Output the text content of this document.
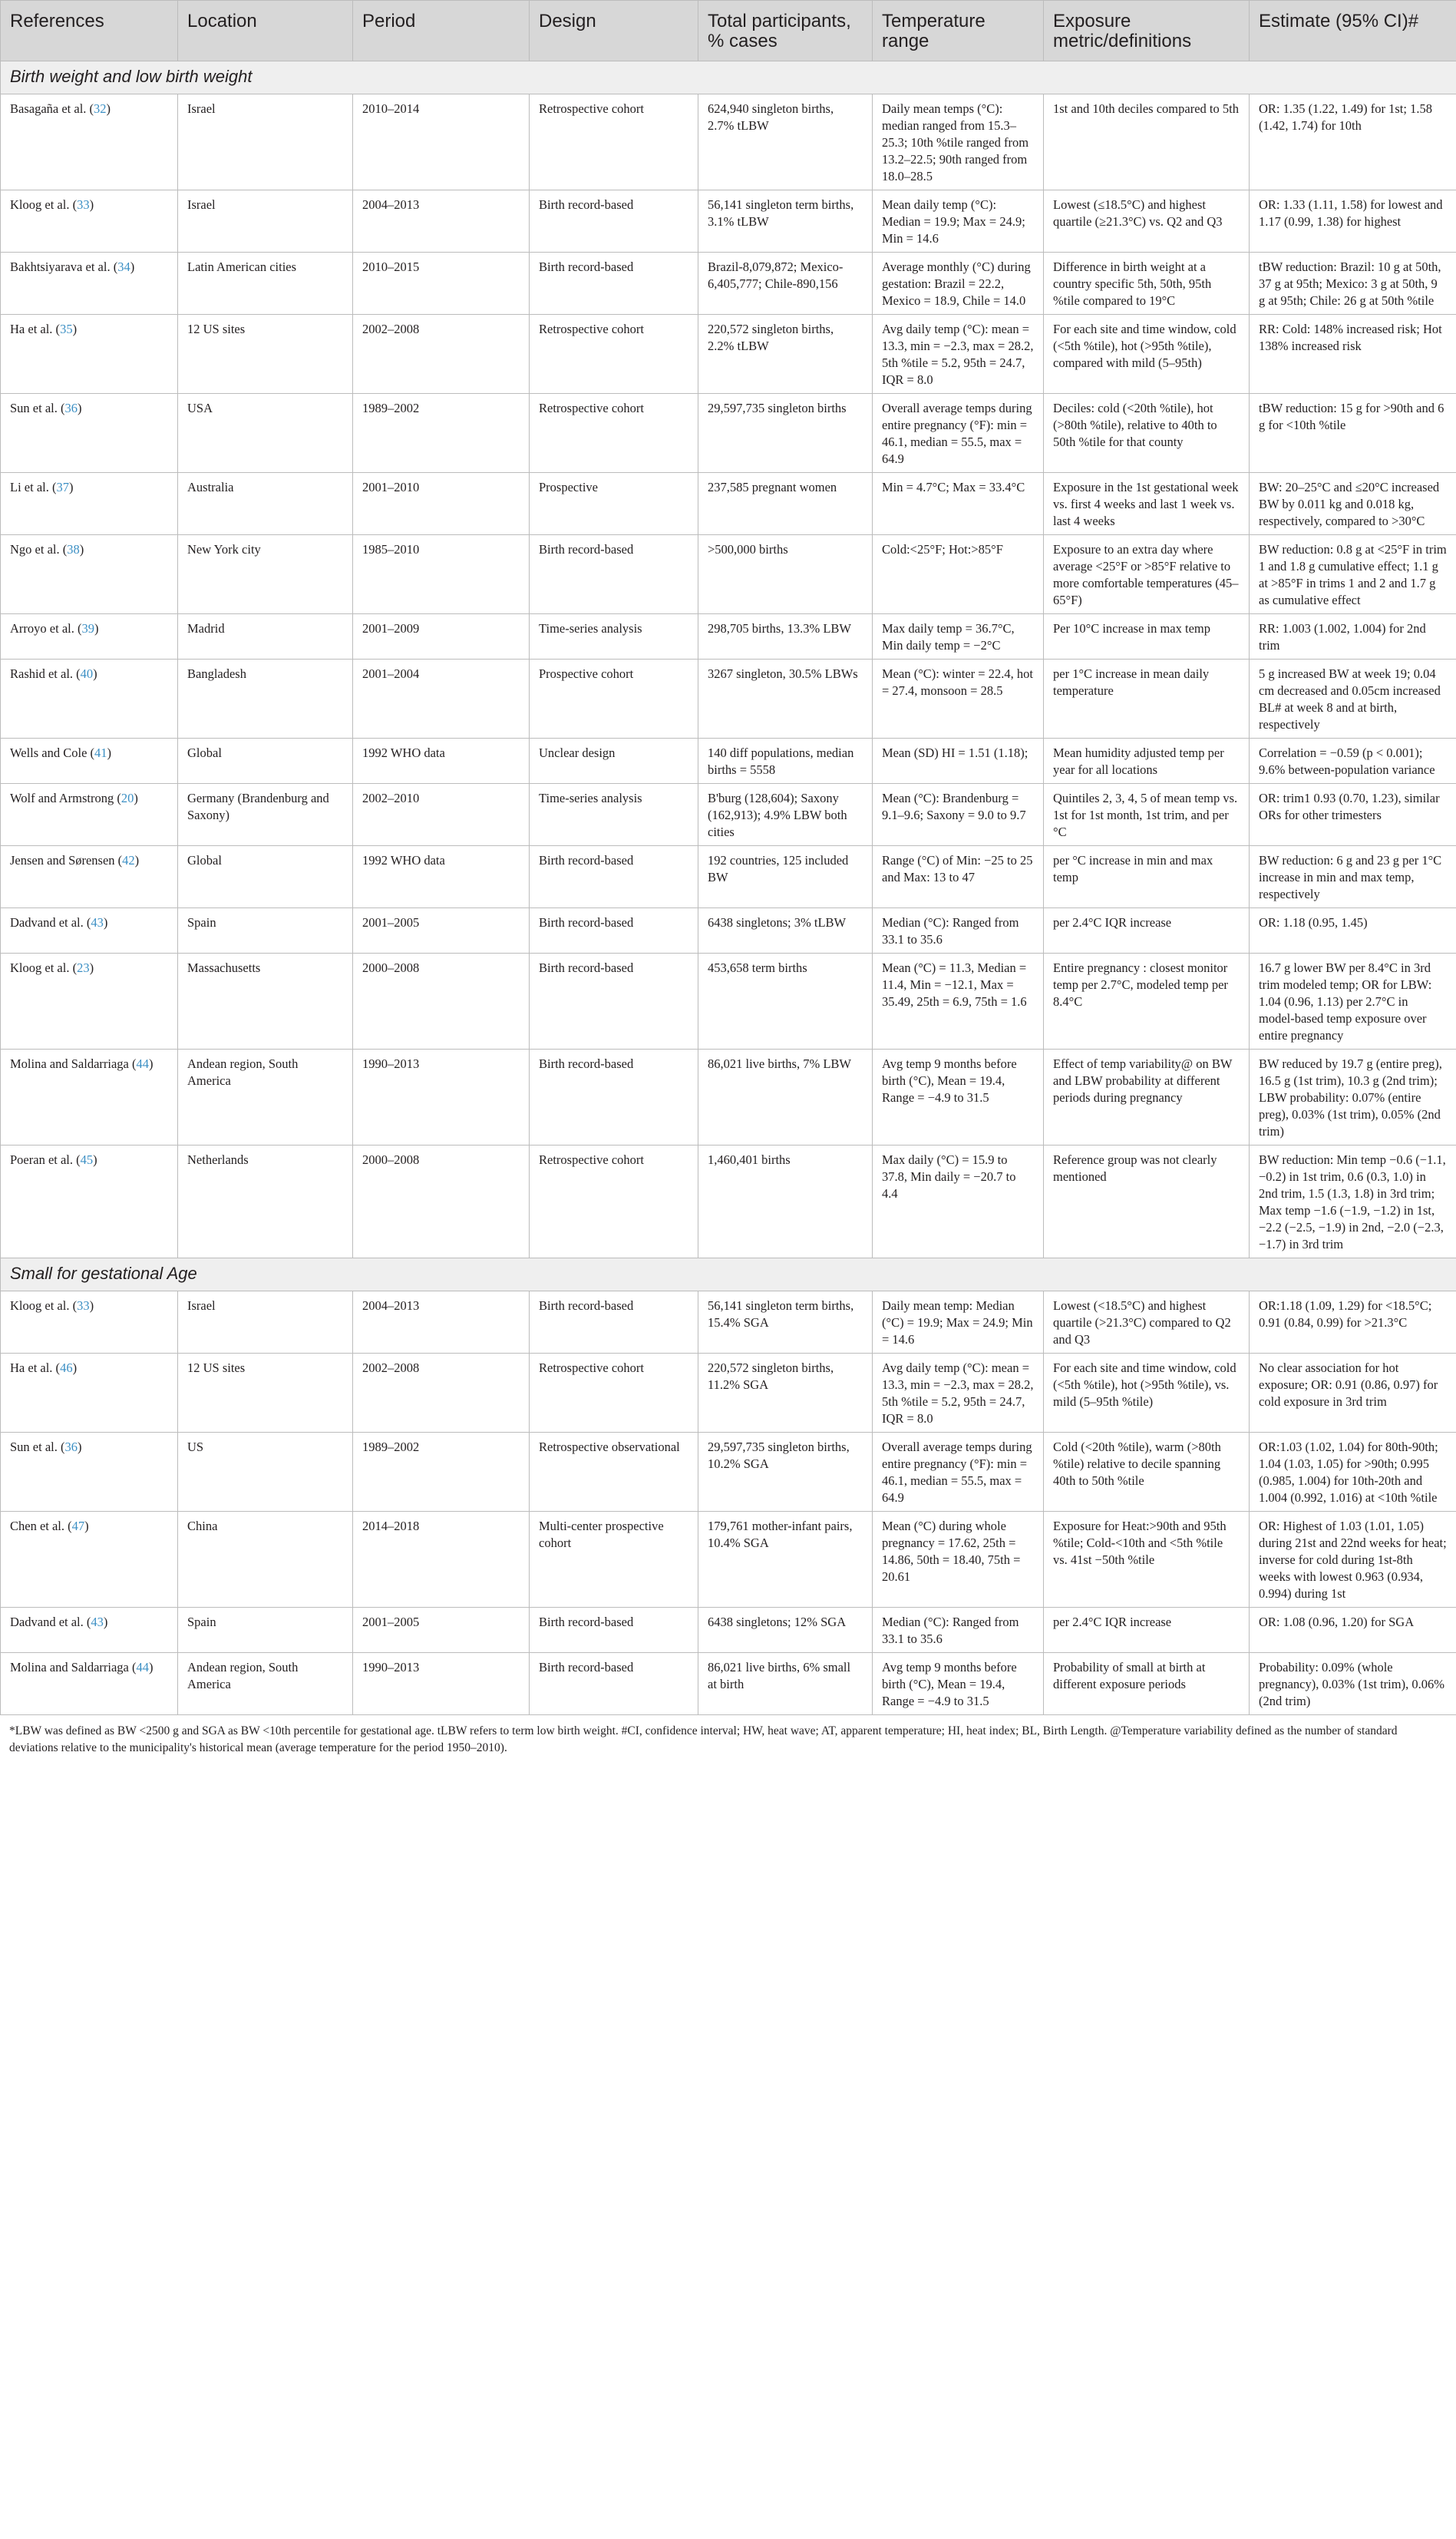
References	Location	Period	Design	Total participants, % cases	Temperature range	Exposure metric/definitions	Estimate (95% CI)#
Birth weight and low birth weight							
Basagaña et al. (32)	Israel	2010–2014	Retrospective cohort	624,940 singleton births, 2.7% tLBW	Daily mean temps (°C): median ranged from 15.3–25.3; 10th %tile ranged from 13.2–22.5; 90th ranged from 18.0–28.5	1st and 10th deciles compared to 5th	OR: 1.35 (1.22, 1.49) for 1st; 1.58 (1.42, 1.74) for 10th
Kloog et al. (33)	Israel	2004–2013	Birth record-based	56,141 singleton term births, 3.1% tLBW	Mean daily temp (°C): Median = 19.9; Max = 24.9; Min = 14.6	Lowest (≤18.5°C) and highest quartile (≥21.3°C) vs. Q2 and Q3	OR: 1.33 (1.11, 1.58) for lowest and 1.17 (0.99, 1.38) for highest
Bakhtsiyarava et al. (34)	Latin American cities	2010–2015	Birth record-based	Brazil-8,079,872; Mexico- 6,405,777; Chile-890,156	Average monthly (°C) during gestation: Brazil = 22.2, Mexico = 18.9, Chile = 14.0	Difference in birth weight at a country specific 5th, 50th, 95th %tile compared to 19°C	tBW reduction: Brazil: 10 g at 50th, 37 g at 95th; Mexico: 3 g at 50th, 9 g at 95th; Chile: 26 g at 50th %tile
Ha et al. (35)	12 US sites	2002–2008	Retrospective cohort	220,572 singleton births, 2.2% tLBW	Avg daily temp (°C): mean = 13.3, min = −2.3, max = 28.2, 5th %tile = 5.2, 95th = 24.7, IQR = 8.0	For each site and time window, cold (<5th %tile), hot (>95th %tile), compared with mild (5–95th)	RR: Cold: 148% increased risk; Hot 138% increased risk
Sun et al. (36)	USA	1989–2002	Retrospective cohort	29,597,735 singleton births	Overall average temps during entire pregnancy (°F): min = 46.1, median = 55.5, max = 64.9	Deciles: cold (<20th %tile), hot (>80th %tile), relative to 40th to 50th %tile for that county	tBW reduction: 15 g for >90th and 6 g for <10th %tile
Li et al. (37)	Australia	2001–2010	Prospective	237,585 pregnant women	Min = 4.7°C; Max = 33.4°C	Exposure in the 1st gestational week vs. first 4 weeks and last 1 week vs. last 4 weeks	BW: 20–25°C and ≤20°C increased BW by 0.011 kg and 0.018 kg, respectively, compared to >30°C
Ngo et al. (38)	New York city	1985–2010	Birth record-based	>500,000 births	Cold:<25°F; Hot:>85°F	Exposure to an extra day where average <25°F or >85°F relative to more comfortable temperatures (45–65°F)	BW reduction: 0.8 g at <25°F in trim 1 and 1.8 g cumulative effect; 1.1 g at >85°F in trims 1 and 2 and 1.7 g as cumulative effect
Arroyo et al. (39)	Madrid	2001–2009	Time-series analysis	298,705 births, 13.3% LBW	Max daily temp = 36.7°C, Min daily temp = −2°C	Per 10°C increase in max temp	RR: 1.003 (1.002, 1.004) for 2nd trim
Rashid et al. (40)	Bangladesh	2001–2004	Prospective cohort	3267 singleton, 30.5% LBWs	Mean (°C): winter = 22.4, hot = 27.4, monsoon = 28.5	per 1°C increase in mean daily temperature	5 g increased BW at week 19; 0.04 cm decreased and 0.05cm increased BL# at week 8 and at birth, respectively
Wells and Cole (41)	Global	1992 WHO data	Unclear design	140 diff populations, median births = 5558	Mean (SD) HI = 1.51 (1.18);	Mean humidity adjusted temp per year for all locations	Correlation = −0.59 (p < 0.001); 9.6% between-population variance
Wolf and Armstrong (20)	Germany (Brandenburg and Saxony)	2002–2010	Time-series analysis	B'burg (128,604); Saxony (162,913); 4.9% LBW both cities	Mean (°C): Brandenburg = 9.1–9.6; Saxony = 9.0 to 9.7	Quintiles 2, 3, 4, 5 of mean temp vs. 1st for 1st month, 1st trim, and per °C	OR: trim1 0.93 (0.70, 1.23), similar ORs for other trimesters
Jensen and Sørensen (42)	Global	1992 WHO data	Birth record-based	192 countries, 125 included BW	Range (°C) of Min: −25 to 25 and Max: 13 to 47	per °C increase in min and max temp	BW reduction: 6 g and 23 g per 1°C increase in min and max temp, respectively
Dadvand et al. (43)	Spain	2001–2005	Birth record-based	6438 singletons; 3% tLBW	Median (°C): Ranged from 33.1 to 35.6	per 2.4°C IQR increase	OR: 1.18 (0.95, 1.45)
Kloog et al. (23)	Massachusetts	2000–2008	Birth record-based	453,658 term births	Mean (°C) = 11.3, Median = 11.4, Min = −12.1, Max = 35.49, 25th = 6.9, 75th = 1.6	Entire pregnancy : closest monitor temp per 2.7°C, modeled temp per 8.4°C	16.7 g lower BW per 8.4°C in 3rd trim modeled temp; OR for LBW: 1.04 (0.96, 1.13) per 2.7°C in model-based temp exposure over entire pregnancy
Molina and Saldarriaga (44)	Andean region, South America	1990–2013	Birth record-based	86,021 live births, 7% LBW	Avg temp 9 months before birth (°C), Mean = 19.4, Range = −4.9 to 31.5	Effect of temp variability@ on BW and LBW probability at different periods during pregnancy	BW reduced by 19.7 g (entire preg), 16.5 g (1st trim), 10.3 g (2nd trim); LBW probability: 0.07% (entire preg), 0.03% (1st trim), 0.05% (2nd trim)
Poeran et al. (45)	Netherlands	2000–2008	Retrospective cohort	1,460,401 births	Max daily (°C) = 15.9 to 37.8, Min daily = −20.7 to 4.4	Reference group was not clearly mentioned	BW reduction: Min temp −0.6 (−1.1, −0.2) in 1st trim, 0.6 (0.3, 1.0) in 2nd trim, 1.5 (1.3, 1.8) in 3rd trim; Max temp −1.6 (−1.9, −1.2) in 1st, −2.2 (−2.5, −1.9) in 2nd, −2.0 (−2.3, −1.7) in 3rd trim
Small for gestational Age							
Kloog et al. (33)	Israel	2004–2013	Birth record-based	56,141 singleton term births, 15.4% SGA	Daily mean temp: Median (°C) = 19.9; Max = 24.9; Min = 14.6	Lowest (<18.5°C) and highest quartile (>21.3°C) compared to Q2 and Q3	OR:1.18 (1.09, 1.29) for <18.5°C; 0.91 (0.84, 0.99) for >21.3°C
Ha et al. (46)	12 US sites	2002–2008	Retrospective cohort	220,572 singleton births, 11.2% SGA	Avg daily temp (°C): mean = 13.3, min = −2.3, max = 28.2, 5th %tile = 5.2, 95th = 24.7, IQR = 8.0	For each site and time window, cold (<5th %tile), hot (>95th %tile), vs. mild (5–95th %tile)	No clear association for hot exposure; OR: 0.91 (0.86, 0.97) for cold exposure in 3rd trim
Sun et al. (36)	US	1989–2002	Retrospective observational	29,597,735 singleton births, 10.2% SGA	Overall average temps during entire pregnancy (°F): min = 46.1, median = 55.5, max = 64.9	Cold (<20th %tile), warm (>80th %tile) relative to decile spanning 40th to 50th %tile	OR:1.03 (1.02, 1.04) for 80th-90th; 1.04 (1.03, 1.05) for >90th; 0.995 (0.985, 1.004) for 10th-20th and 1.004 (0.992, 1.016) at <10th %tile
Chen et al. (47)	China	2014–2018	Multi-center prospective cohort	179,761 mother-infant pairs, 10.4% SGA	Mean (°C) during whole pregnancy = 17.62, 25th = 14.86, 50th = 18.40, 75th = 20.61	Exposure for Heat:>90th and 95th %tile; Cold-<10th and <5th %tile vs. 41st −50th %tile	OR: Highest of 1.03 (1.01, 1.05) during 21st and 22nd weeks for heat; inverse for cold during 1st-8th weeks with lowest 0.963 (0.934, 0.994) during 1st
Dadvand et al. (43)	Spain	2001–2005	Birth record-based	6438 singletons; 12% SGA	Median (°C): Ranged from 33.1 to 35.6	per 2.4°C IQR increase	OR: 1.08 (0.96, 1.20) for SGA
Molina and Saldarriaga (44)	Andean region, South America	1990–2013	Birth record-based	86,021 live births, 6% small at birth	Avg temp 9 months before birth (°C), Mean = 19.4, Range = −4.9 to 31.5	Probability of small at birth at different exposure periods	Probability: 0.09% (whole pregnancy), 0.03% (1st trim), 0.06% (2nd trim)
*LBW was defined as BW <2500 g and SGA as BW <10th percentile for gestational age. tLBW refers to term low birth weight. #CI, confidence interval; HW, heat wave; AT, apparent temperature; HI, heat index; BL, Birth Length. @Temperature variability defined as the number of standard deviations relative to the municipality's historical mean (average temperature for the period 1950–2010).
